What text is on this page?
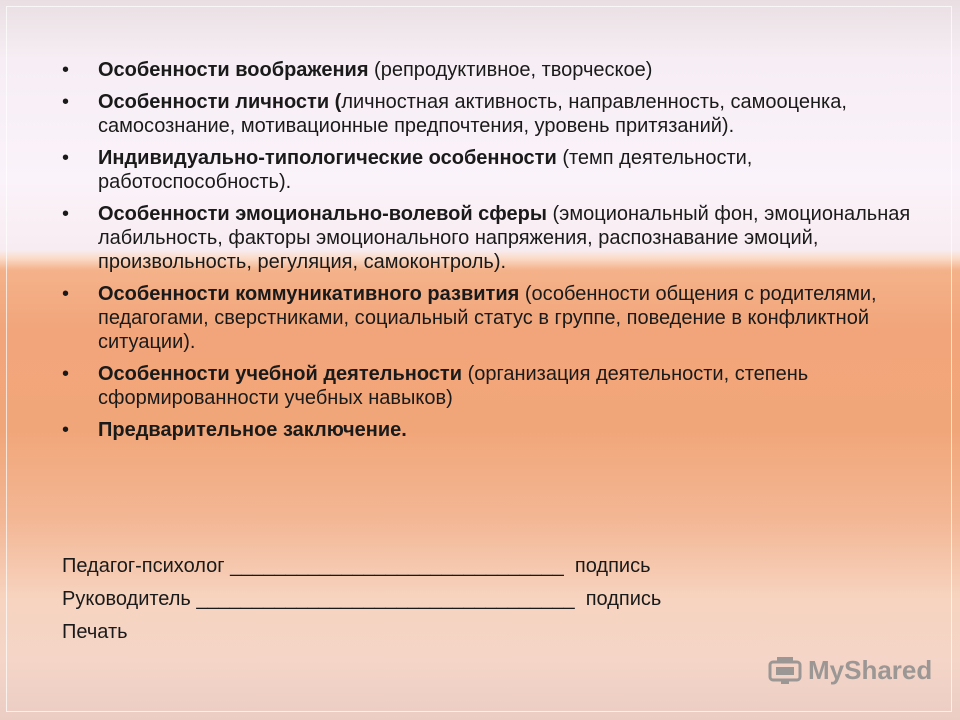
•	Особенности воображения (репродуктивное, творческое)
•	Особенности личности (личностная активность, направленность, самооценка, самосознание, мотивационные предпочтения, уровень притязаний).
•	Индивидуально-типологические особенности (темп деятельности, работоспособность).
•	Особенности эмоционально-волевой сферы (эмоциональный фон, эмоциональная лабильность, факторы эмоционального напряжения, распознавание эмоций, произвольность, регуляция, самоконтроль).
•	Особенности коммуникативного развития (особенности общения с родителями, педагогами, сверстниками, социальный статус в группе, поведение в конфликтной ситуации).
•	Особенности учебной деятельности (организация деятельности, степень сформированности учебных навыков)
•	Предварительное заключение.
Педагог-психолог ______________________________  подпись
Руководитель __________________________________  подпись
Печать
MyShared
